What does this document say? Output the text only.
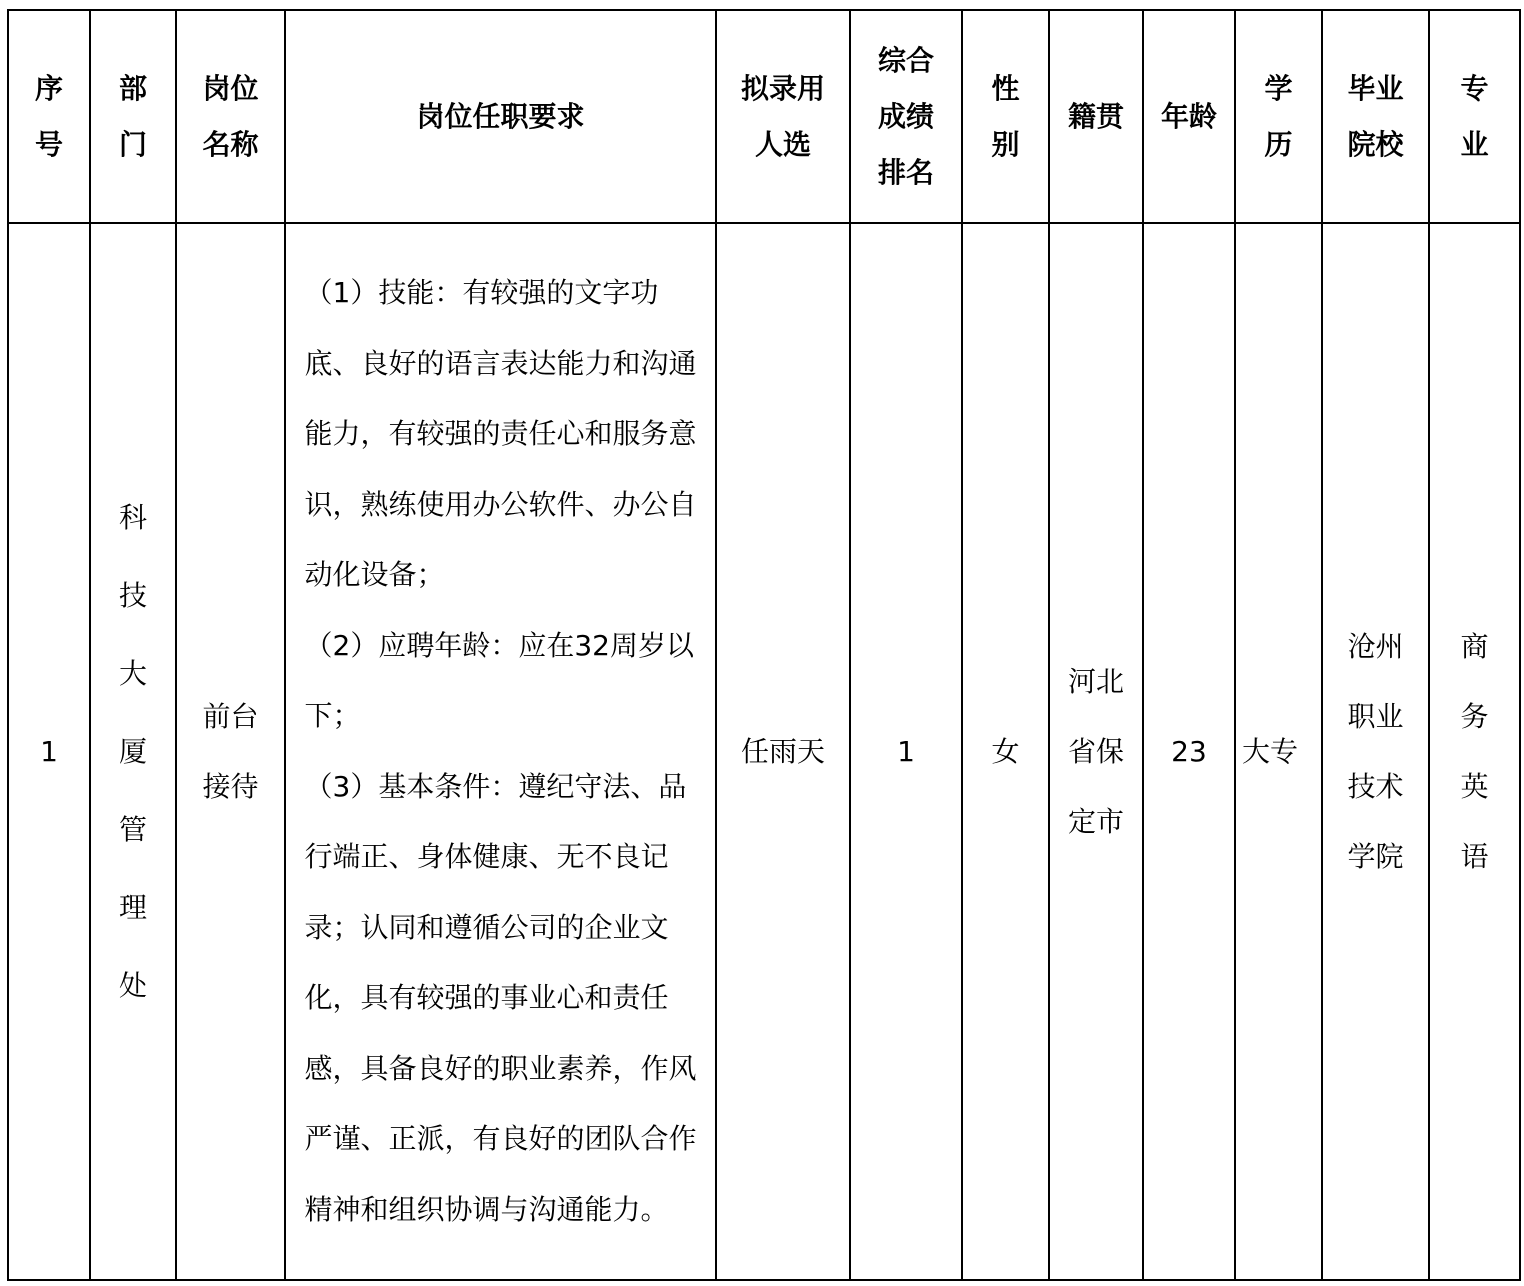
序号	部门	岗位名称	岗位任职要求	拟录用人选	综合成绩排名	性别	籍贯	年龄	学历	毕业院校	专业

1	科技大厦管理处	前台接待	（1）技能：有较强的文字功底、良好的语言表达能力和沟通能力，有较强的责任心和服务意识，熟练使用办公软件、办公自动化设备；

（2）应聘年龄：应在32周岁以下；

（3）基本条件：遵纪守法、品行端正、身体健康、无不良记录；认同和遵循公司的企业文化，具有较强的事业心和责任感，具备良好的职业素养，作风严谨、正派，有良好的团队合作精神和组织协调与沟通能力。	任雨天	1	女	河北省保定市	23	大专	沧州职业技术学院	商务英语
